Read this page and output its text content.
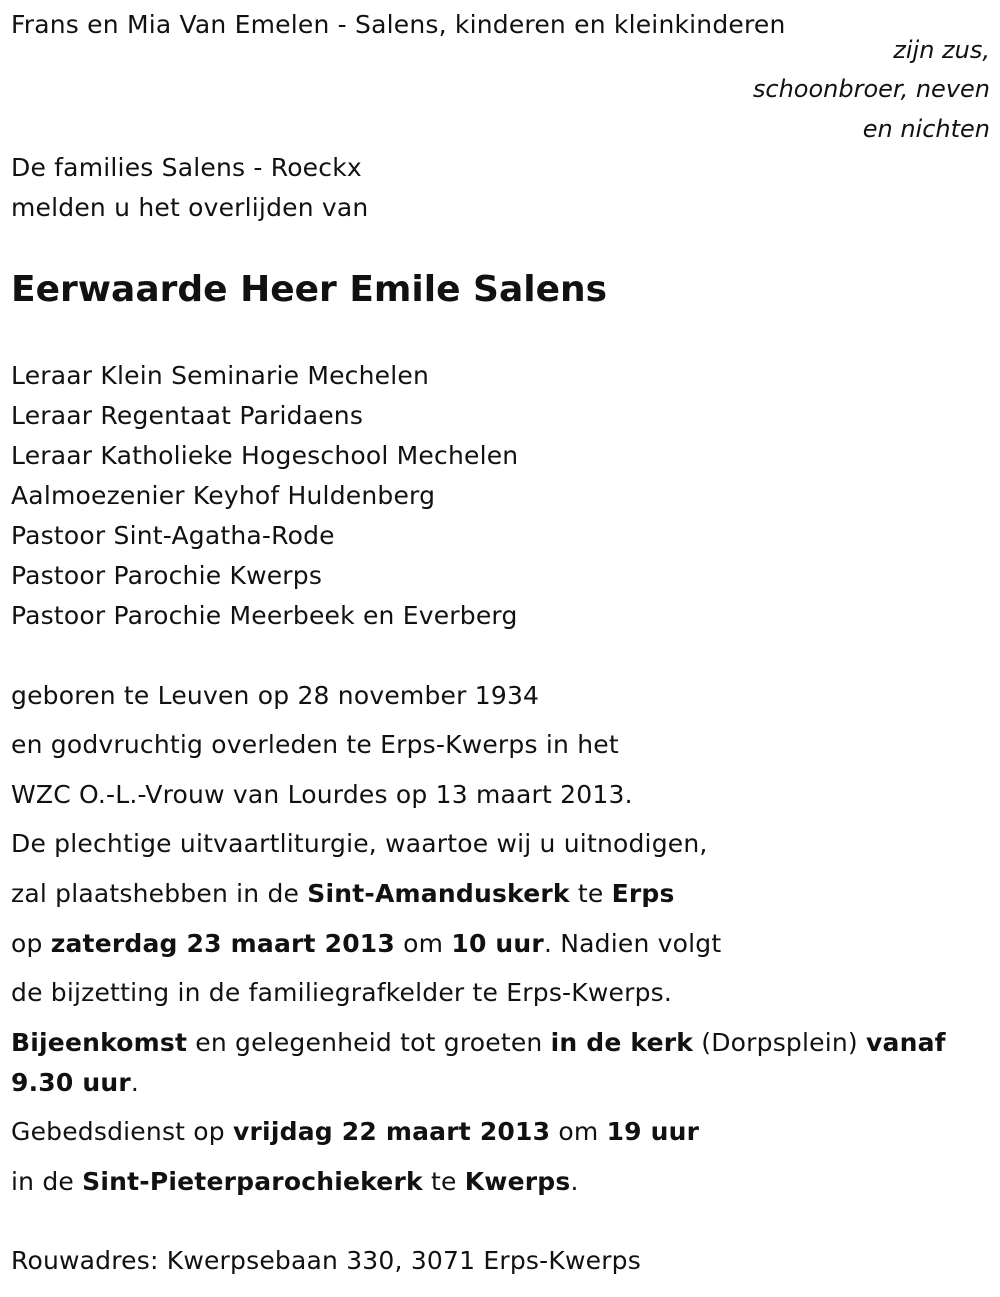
Frans en Mia Van Emelen - Salens, kinderen en kleinkinderen
zijn zus,
schoonbroer, neven
en nichten
De families Salens - Roeckx
melden u het overlijden van
Eerwaarde Heer Emile Salens
Leraar Klein Seminarie Mechelen
Leraar Regentaat Paridaens
Leraar Katholieke Hogeschool Mechelen
Aalmoezenier Keyhof Huldenberg
Pastoor Sint-Agatha-Rode
Pastoor Parochie Kwerps
Pastoor Parochie Meerbeek en Everberg
geboren te Leuven op 28 november 1934
en godvruchtig overleden te Erps-Kwerps in het
WZC O.-L.-Vrouw van Lourdes op 13 maart 2013.
De plechtige uitvaartliturgie, waartoe wij u uitnodigen,
zal plaatshebben in de Sint-Amanduskerk te Erps
op zaterdag 23 maart 2013 om 10 uur. Nadien volgt
de bijzetting in de familiegrafkelder te Erps-Kwerps.
Bijeenkomst en gelegenheid tot groeten in de kerk (Dorpsplein) vanaf
9.30 uur.
Gebedsdienst op vrijdag 22 maart 2013 om 19 uur
in de Sint-Pieterparochiekerk te Kwerps.
Rouwadres: Kwerpsebaan 330, 3071 Erps-Kwerps
